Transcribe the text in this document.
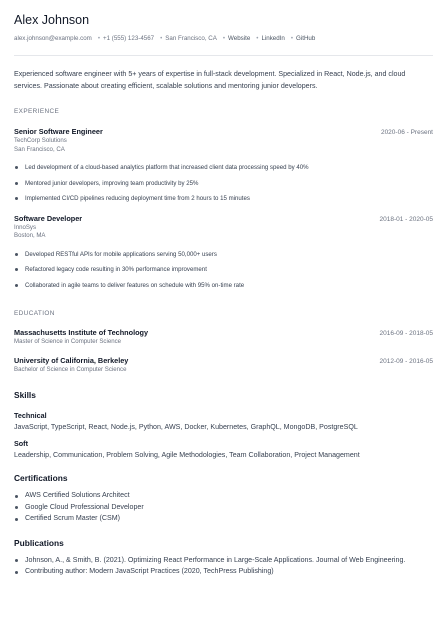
Alex Johnson
alex.johnson@example.com • +1 (555) 123-4567 • San Francisco, CA • Website • LinkedIn • GitHub

Experienced software engineer with 5+ years of expertise in full-stack development. Specialized in React, Node.js, and cloud services. Passionate about creating efficient, scalable solutions and mentoring junior developers.

EXPERIENCE
Senior Software Engineer	2020-06 - Present
TechCorp Solutions
San Francisco, CA
Led development of a cloud-based analytics platform that increased client data processing speed by 40%
Mentored junior developers, improving team productivity by 25%
Implemented CI/CD pipelines reducing deployment time from 2 hours to 15 minutes
Software Developer	2018-01 - 2020-05
InnoSys
Boston, MA
Developed RESTful APIs for mobile applications serving 50,000+ users
Refactored legacy code resulting in 30% performance improvement
Collaborated in agile teams to deliver features on schedule with 95% on-time rate
EDUCATION
Massachusetts Institute of Technology	2016-09 - 2018-05
Master of Science in Computer Science
University of California, Berkeley	2012-09 - 2016-05
Bachelor of Science in Computer Science
Skills
Technical
JavaScript, TypeScript, React, Node.js, Python, AWS, Docker, Kubernetes, GraphQL, MongoDB, PostgreSQL
Soft
Leadership, Communication, Problem Solving, Agile Methodologies, Team Collaboration, Project Management
Certifications
AWS Certified Solutions Architect
Google Cloud Professional Developer
Certified Scrum Master (CSM)
Publications
Johnson, A., & Smith, B. (2021). Optimizing React Performance in Large-Scale Applications. Journal of Web Engineering.
Contributing author: Modern JavaScript Practices (2020, TechPress Publishing)
